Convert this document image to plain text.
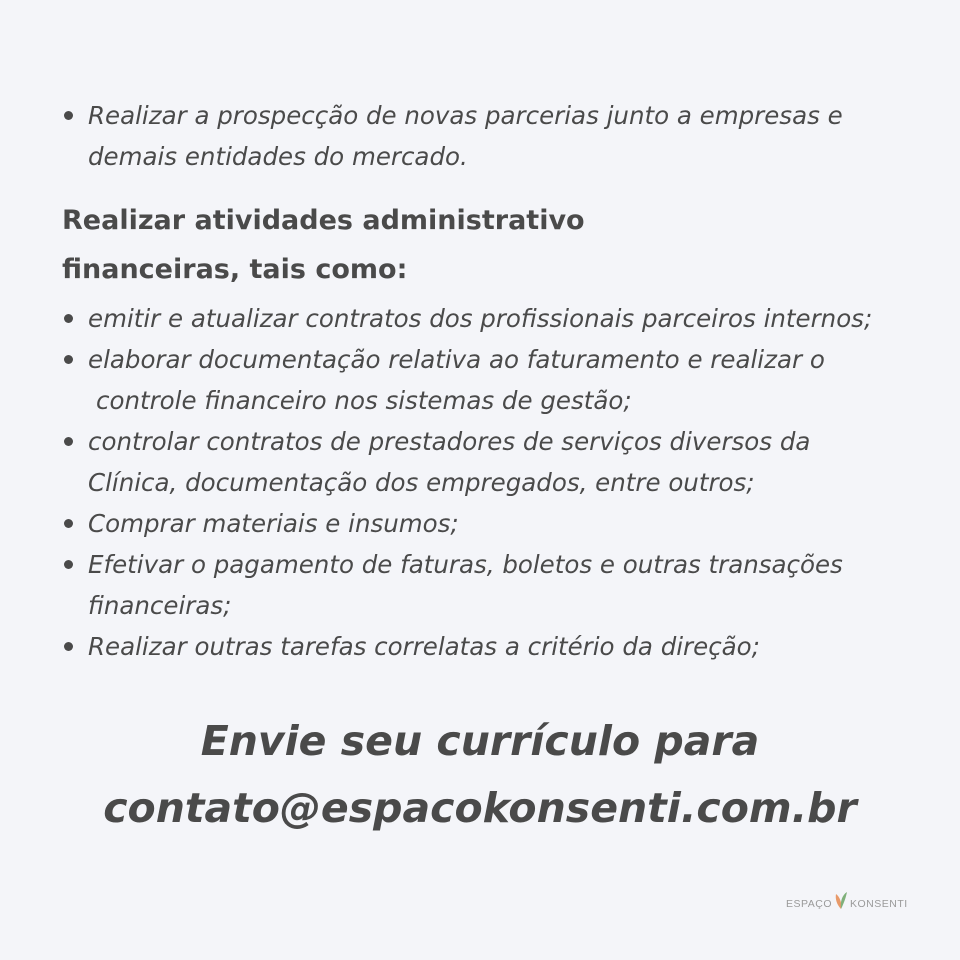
Realizar a prospecção de novas parcerias junto a empresas e
demais entidades do mercado.
Realizar atividades administrativo
financeiras, tais como:
emitir e atualizar contratos dos profissionais parceiros internos;
elaborar documentação relativa ao faturamento e realizar o
controle financeiro nos sistemas de gestão;
controlar contratos de prestadores de serviços diversos da
Clínica, documentação dos empregados, entre outros;
Comprar materiais e insumos;
Efetivar o pagamento de faturas, boletos e outras transações
financeiras;
Realizar outras tarefas correlatas a critério da direção;
Envie seu currículo para
contato@espacokonsenti.com.br
ESPAÇO KONSENTI
